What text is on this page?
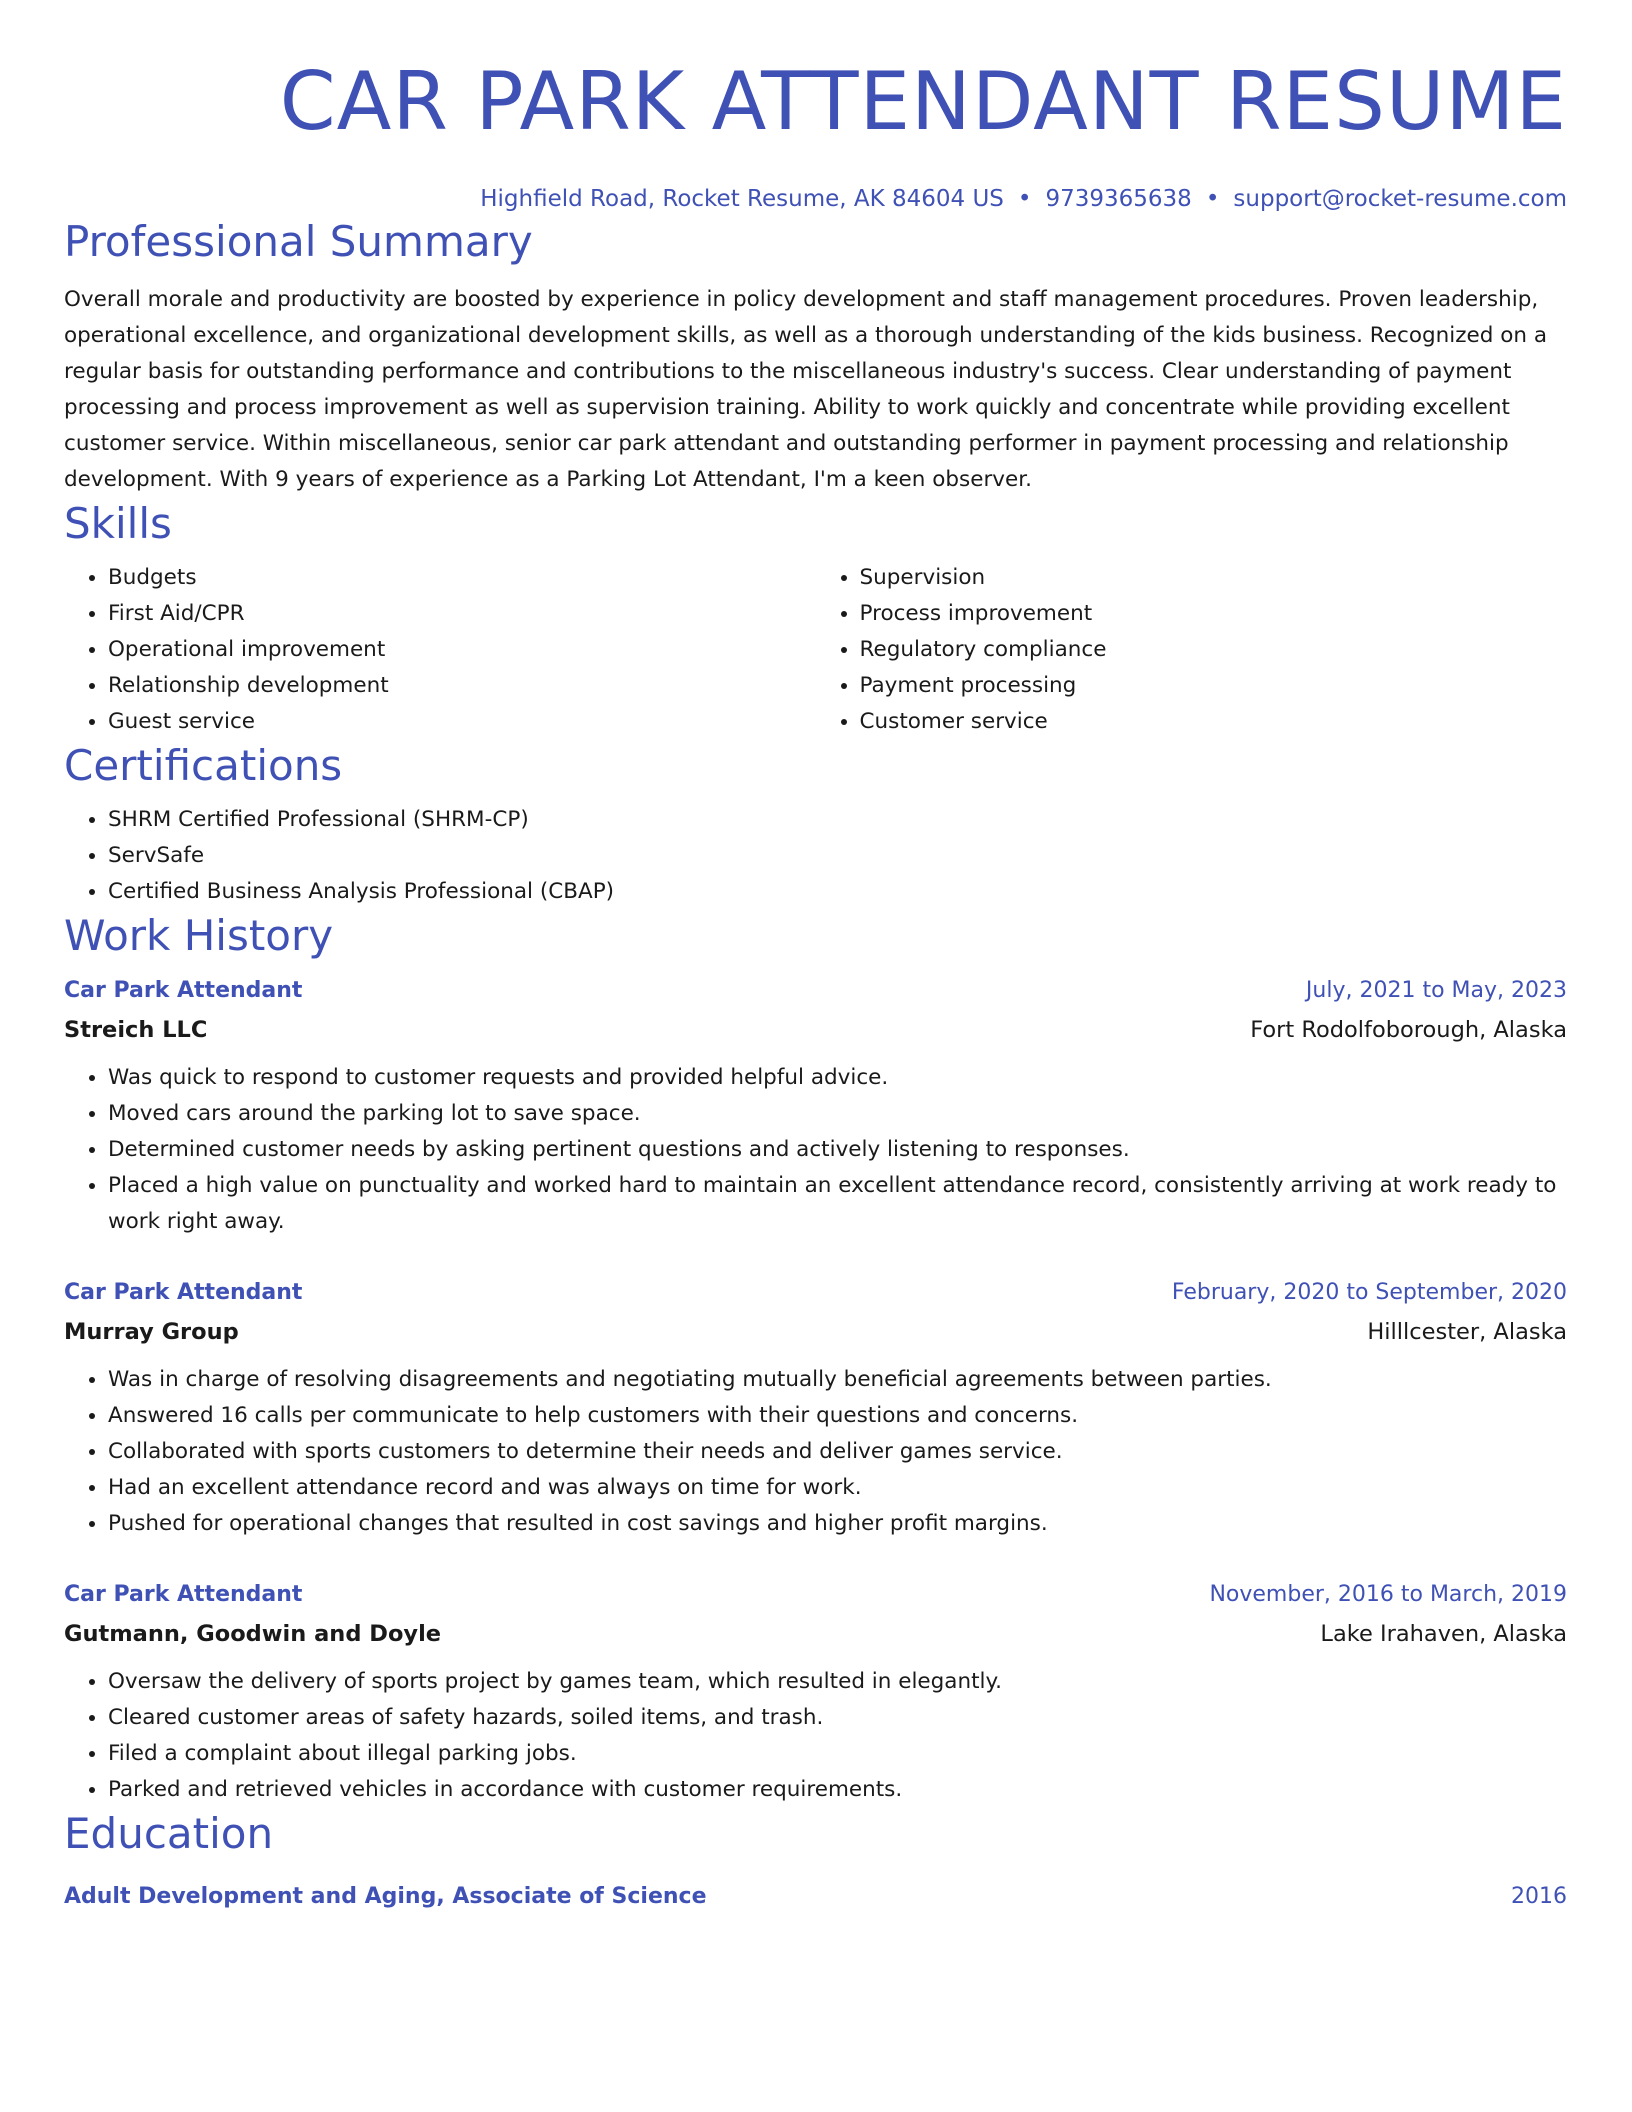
CAR PARK ATTENDANT RESUME
Highfield Road, Rocket Resume, AK 84604 US • 9739365638 • support@rocket-resume.com
Professional Summary

Overall morale and productivity are boosted by experience in policy development and staff management procedures. Proven leadership, operational excellence, and organizational development skills, as well as a thorough understanding of the kids business. Recognized on a regular basis for outstanding performance and contributions to the miscellaneous industry's success. Clear understanding of payment processing and process improvement as well as supervision training. Ability to work quickly and concentrate while providing excellent customer service. Within miscellaneous, senior car park attendant and outstanding performer in payment processing and relationship development. With 9 years of experience as a Parking Lot Attendant, I'm a keen observer.

Skills
• Budgets
• First Aid/CPR
• Operational improvement
• Relationship development
• Guest service
• Supervision
• Process improvement
• Regulatory compliance
• Payment processing
• Customer service
Certifications
• SHRM Certified Professional (SHRM-CP)
• ServSafe
• Certified Business Analysis Professional (CBAP)
Work History
Car Park Attendant	July, 2021 to May, 2023
Streich LLC	Fort Rodolfoborough, Alaska
• Was quick to respond to customer requests and provided helpful advice.
• Moved cars around the parking lot to save space.
• Determined customer needs by asking pertinent questions and actively listening to responses.
• Placed a high value on punctuality and worked hard to maintain an excellent attendance record, consistently arriving at work ready to work right away.
Car Park Attendant	February, 2020 to September, 2020
Murray Group	Hilllcester, Alaska
• Was in charge of resolving disagreements and negotiating mutually beneficial agreements between parties.
• Answered 16 calls per communicate to help customers with their questions and concerns.
• Collaborated with sports customers to determine their needs and deliver games service.
• Had an excellent attendance record and was always on time for work.
• Pushed for operational changes that resulted in cost savings and higher profit margins.
Car Park Attendant	November, 2016 to March, 2019
Gutmann, Goodwin and Doyle	Lake Irahaven, Alaska
• Oversaw the delivery of sports project by games team, which resulted in elegantly.
• Cleared customer areas of safety hazards, soiled items, and trash.
• Filed a complaint about illegal parking jobs.
• Parked and retrieved vehicles in accordance with customer requirements.
Education
Adult Development and Aging, Associate of Science	2016
